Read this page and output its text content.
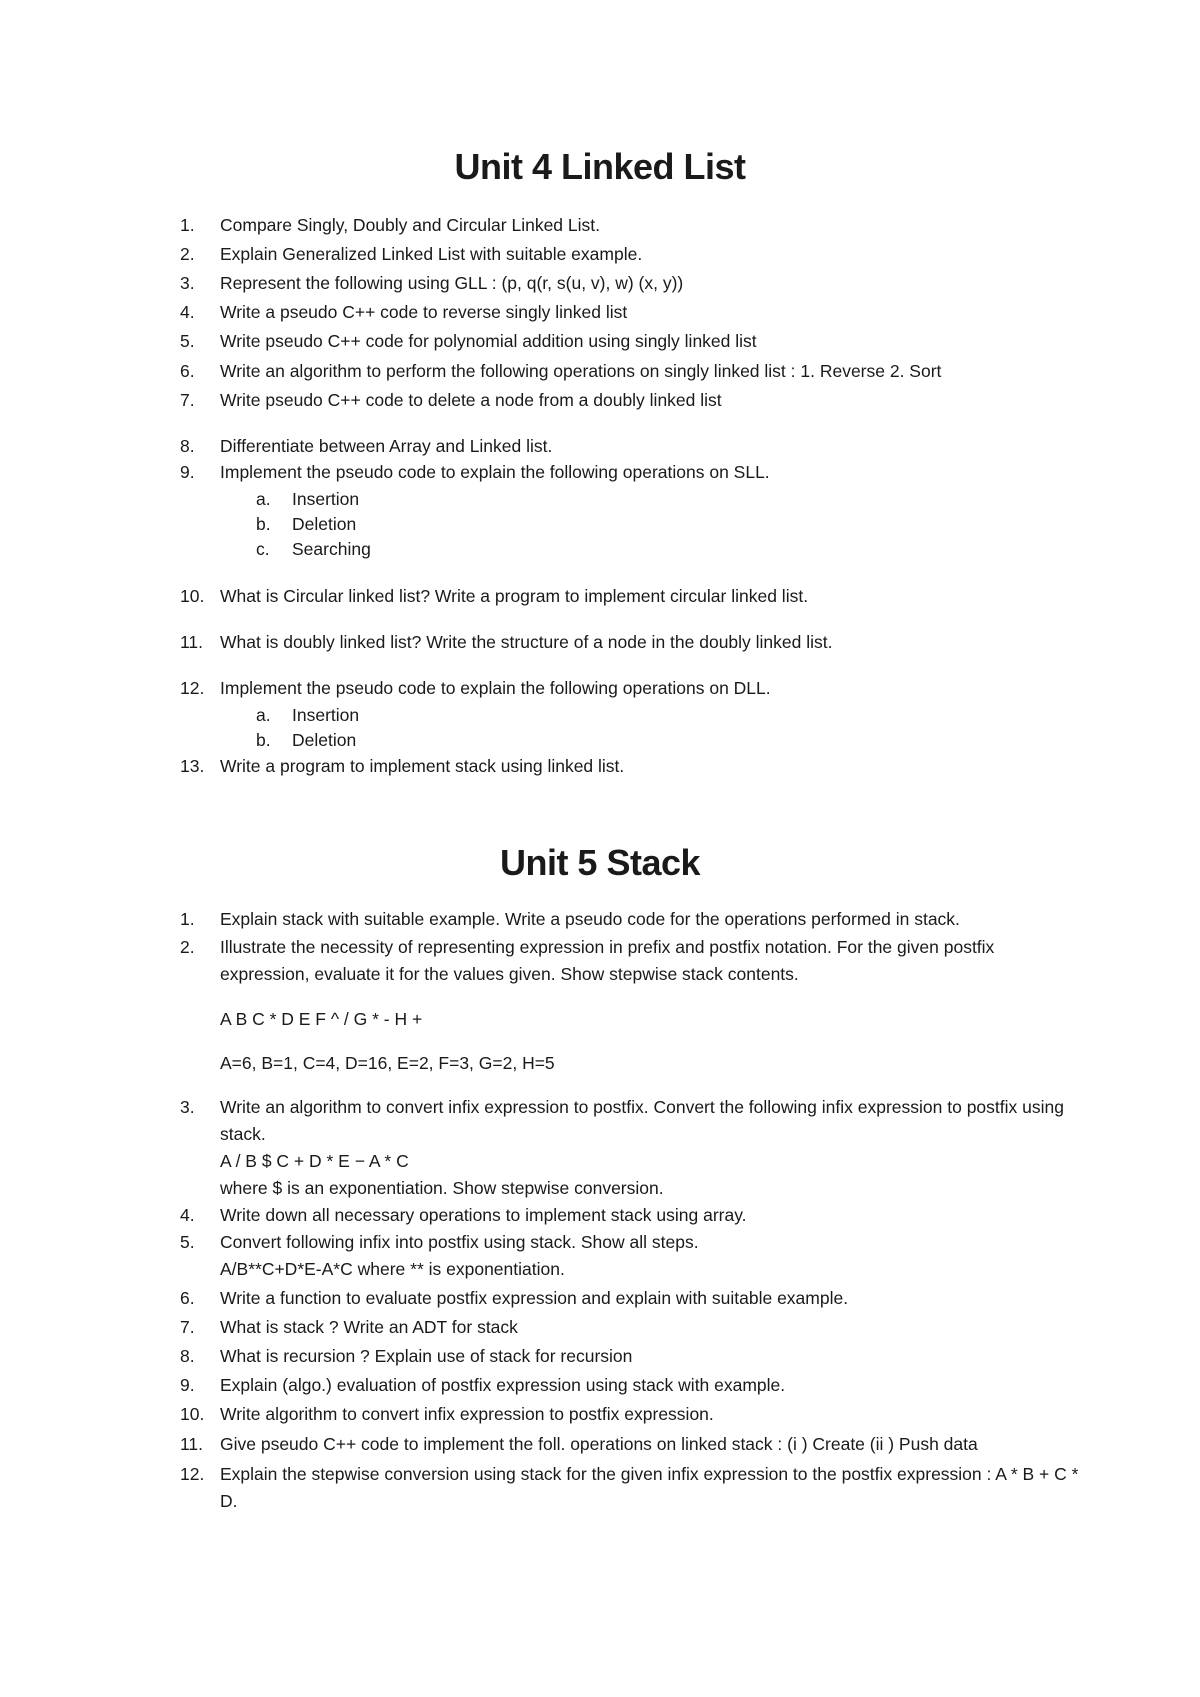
Unit 4 Linked List
1. Compare Singly, Doubly and Circular Linked List.
2. Explain Generalized Linked List with suitable example.
3. Represent the following using GLL : (p, q(r, s(u, v), w) (x, y))
4. Write a pseudo C++ code to reverse singly linked list
5. Write pseudo C++ code for polynomial addition using singly linked list
6. Write an algorithm to perform the following operations on singly linked list : 1. Reverse 2. Sort
7. Write pseudo C++ code to delete a node from a doubly linked list
8. Differentiate between Array and Linked list.
9. Implement the pseudo code to explain the following operations on SLL.
a. Insertion
b. Deletion
c. Searching
10. What is Circular linked list? Write a program to implement circular linked list.
11. What is doubly linked list? Write the structure of a node in the doubly linked list.
12. Implement the pseudo code to explain the following operations on DLL.
a. Insertion
b. Deletion
13. Write a program to implement stack using linked list.
Unit 5 Stack
1. Explain stack with suitable example. Write a pseudo code for the operations performed in stack.
2. Illustrate the necessity of representing expression in prefix and postfix notation. For the given postfix expression, evaluate it for the values given. Show stepwise stack contents.
A B C * D E F ^ / G * - H +
A=6, B=1, C=4, D=16, E=2, F=3, G=2, H=5
3. Write an algorithm to convert infix expression to postfix. Convert the following infix expression to postfix using stack.
A / B $ C + D * E − A * C
where $ is an exponentiation. Show stepwise conversion.
4. Write down all necessary operations to implement stack using array.
5. Convert following infix into postfix using stack. Show all steps.
A/B**C+D*E-A*C where ** is exponentiation.
6. Write a function to evaluate postfix expression and explain with suitable example.
7. What is stack ? Write an ADT for stack
8. What is recursion ? Explain use of stack for recursion
9. Explain (algo.) evaluation of postfix expression using stack with example.
10. Write algorithm to convert infix expression to postfix expression.
11. Give pseudo C++ code to implement the foll. operations on linked stack : (i ) Create (ii ) Push data
12. Explain the stepwise conversion using stack for the given infix expression to the postfix expression : A * B + C * D.
